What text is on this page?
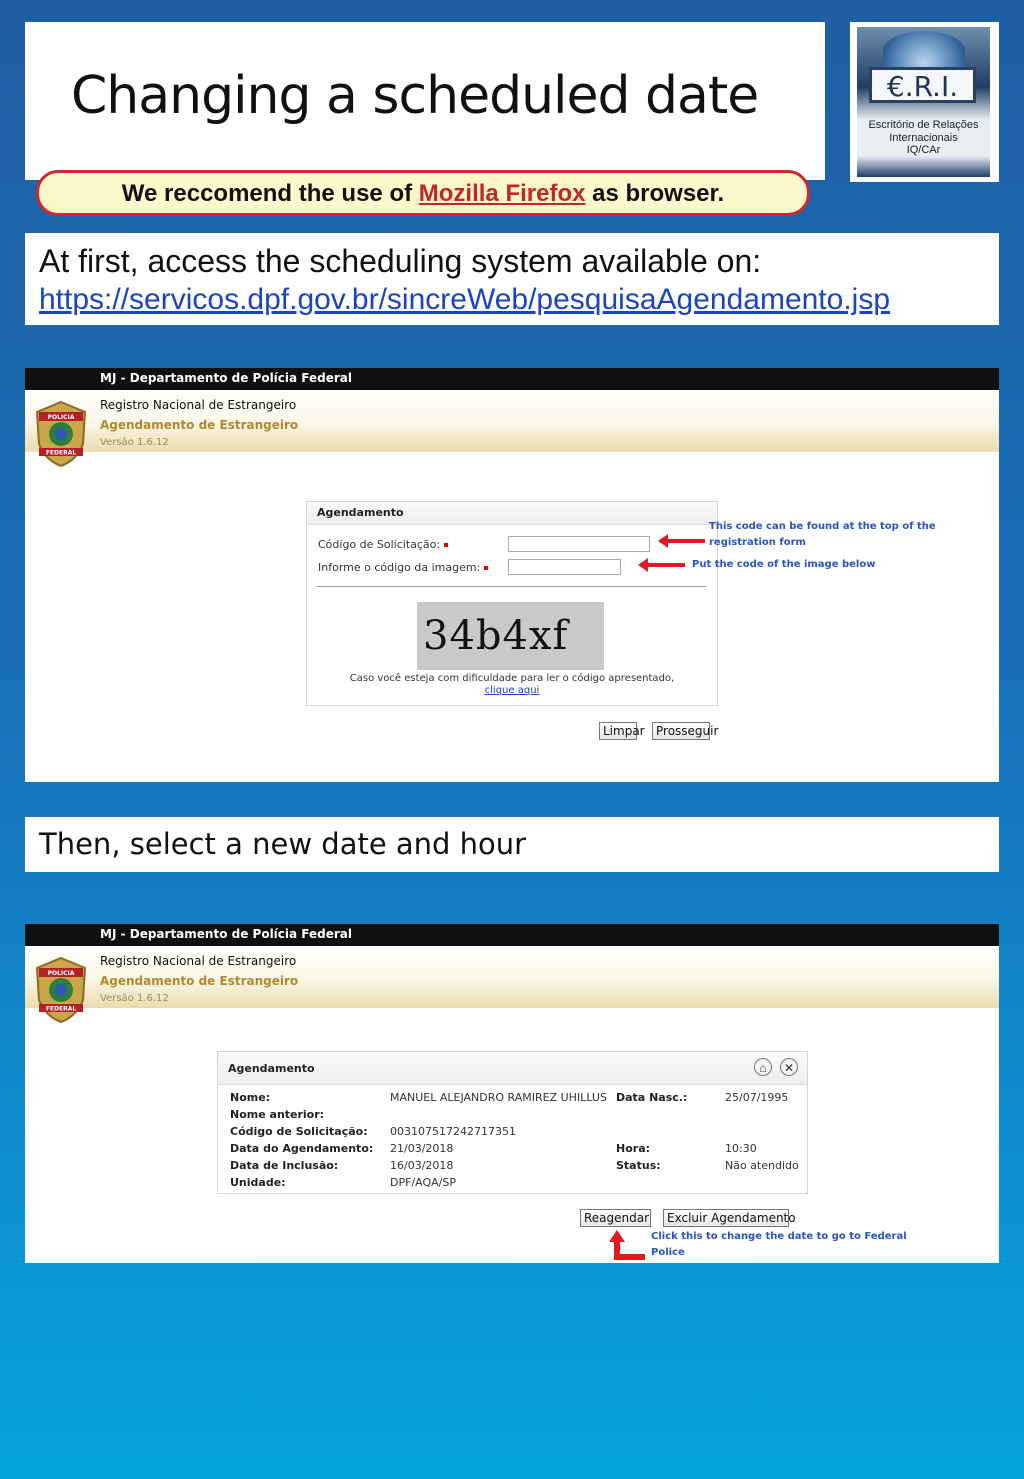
Changing a scheduled date	€.R.I.
Escritório de Relações
Internacionais
IQ/CAr
We reccomend the use of Mozilla Firefox as browser.
At first, access the scheduling system available on:
https://servicos.dpf.gov.br/sincreWeb/pesquisaAgendamento.jsp
MJ - Departamento de Polícia Federal
POLICIA
FEDERAL
Registro Nacional de Estrangeiro
Agendamento de Estrangeiro
Versão 1.6.12
Agendamento
Código de Solicitação:
Informe o código da imagem:
34b4xf
Caso você esteja com dificuldade para ler o código apresentado,
clique aqui
Limpar Prosseguir
This code can be found at the top of the
registration form
Put the code of the image below
Then, select a new date and hour
MJ - Departamento de Polícia Federal
POLICIA
FEDERAL
Registro Nacional de Estrangeiro
Agendamento de Estrangeiro
Versão 1.6.12
Agendamento	⌂	✕
Nome:	MANUEL ALEJANDRO RAMIREZ UHILLUS Data Nasc.:	25/07/1995
Nome anterior:
Código de Solicitação: 003107517242717351
Data do Agendamento: 21/03/2018	Hora:	10:30
Data de Inclusão:	16/03/2018	Status:	Não atendido
Unidade:	DPF/AQA/SP
Reagendar	Excluir Agendamento
Click this to change the date to go to Federal
Police
